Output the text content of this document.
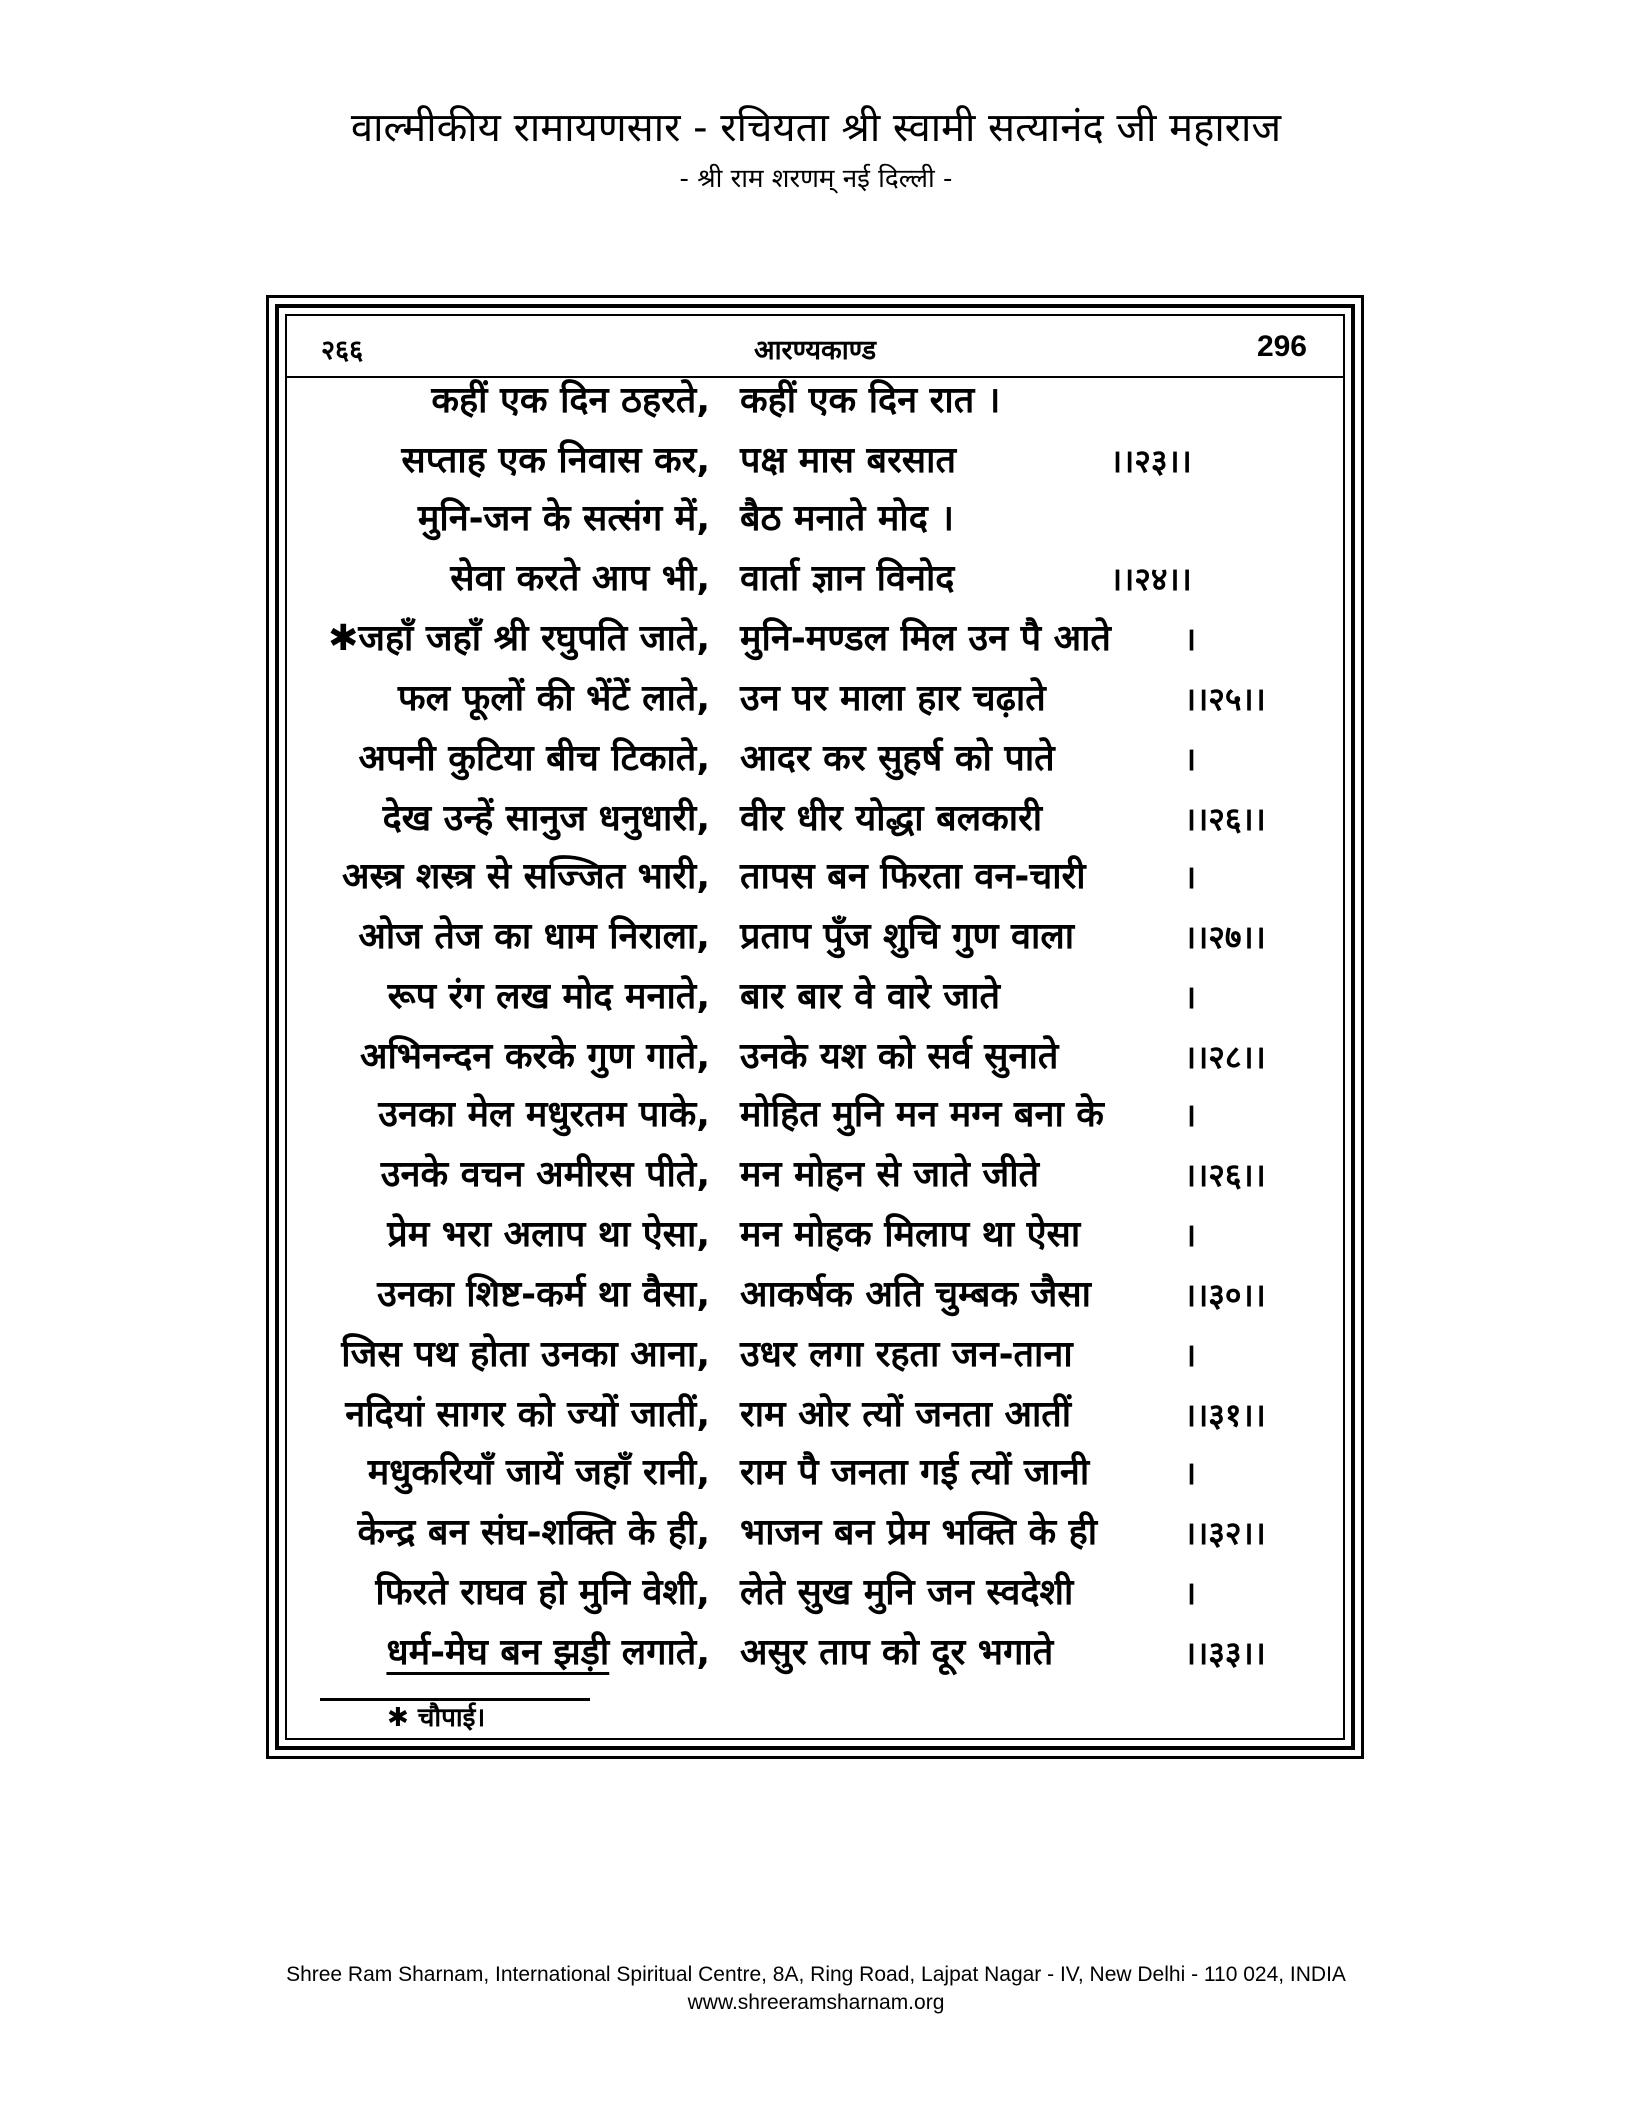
वाल्मीकीय रामायणसार - रचियता श्री स्वामी सत्यानंद जी महाराज
- श्री राम शरणम् नई दिल्ली -
२६६	आरण्यकाण्ड	296
कहीं एक दिन ठहरते, कहीं एक दिन रात ।
सप्ताह एक निवास कर, पक्ष मास बरसात	।।२३।।
मुनि-जन के सत्संग में, बैठ मनाते मोद ।
सेवा करते आप भी, वार्ता ज्ञान विनोद	।।२४।।
✱जहाँ जहाँ श्री रघुपति जाते, मुनि-मण्डल मिल उन पै आते ।
फल फूलों की भेंटें लाते, उन पर माला हार चढ़ाते	।।२५।।
अपनी कुटिया बीच टिकाते, आदर कर सुहर्ष को पाते	।
देख उन्हें सानुज धनुधारी, वीर धीर योद्धा बलकारी	।।२६।।
अस्त्र शस्त्र से सज्जित भारी, तापस बन फिरता वन-चारी	।
ओज तेज का धाम निराला, प्रताप पुँज शुचि गुण वाला	।।२७।।
रूप रंग लख मोद मनाते, बार बार वे वारे जाते	।
अभिनन्दन करके गुण गाते, उनके यश को सर्व सुनाते	।।२८।।
उनका मेल मधुरतम पाके, मोहित मुनि मन मग्न बना के	।
उनके वचन अमीरस पीते, मन मोहन से जाते जीते	।।२६।।
प्रेम भरा अलाप था ऐसा, मन मोहक मिलाप था ऐसा	।
उनका शिष्ट-कर्म था वैसा, आकर्षक अति चुम्बक जैसा	।।३०।।
जिस पथ होता उनका आना, उधर लगा रहता जन-ताना	।
नदियां सागर को ज्यों जातीं, राम ओर त्यों जनता आतीं	।।३१।।
मधुकरियाँ जायें जहाँ रानी, राम पै जनता गई त्यों जानी	।
केन्द्र बन संघ-शक्ति के ही, भाजन बन प्रेम भक्ति के ही	।।३२।।
फिरते राघव हो मुनि वेशी, लेते सुख मुनि जन स्वदेशी	।
धर्म-मेघ बन झड़ी लगाते, असुर ताप को दूर भगाते	।।३३।।
✱ चौपाई।
Shree Ram Sharnam, International Spiritual Centre, 8A, Ring Road, Lajpat Nagar - IV, New Delhi - 110 024, INDIA
www.shreeramsharnam.org
